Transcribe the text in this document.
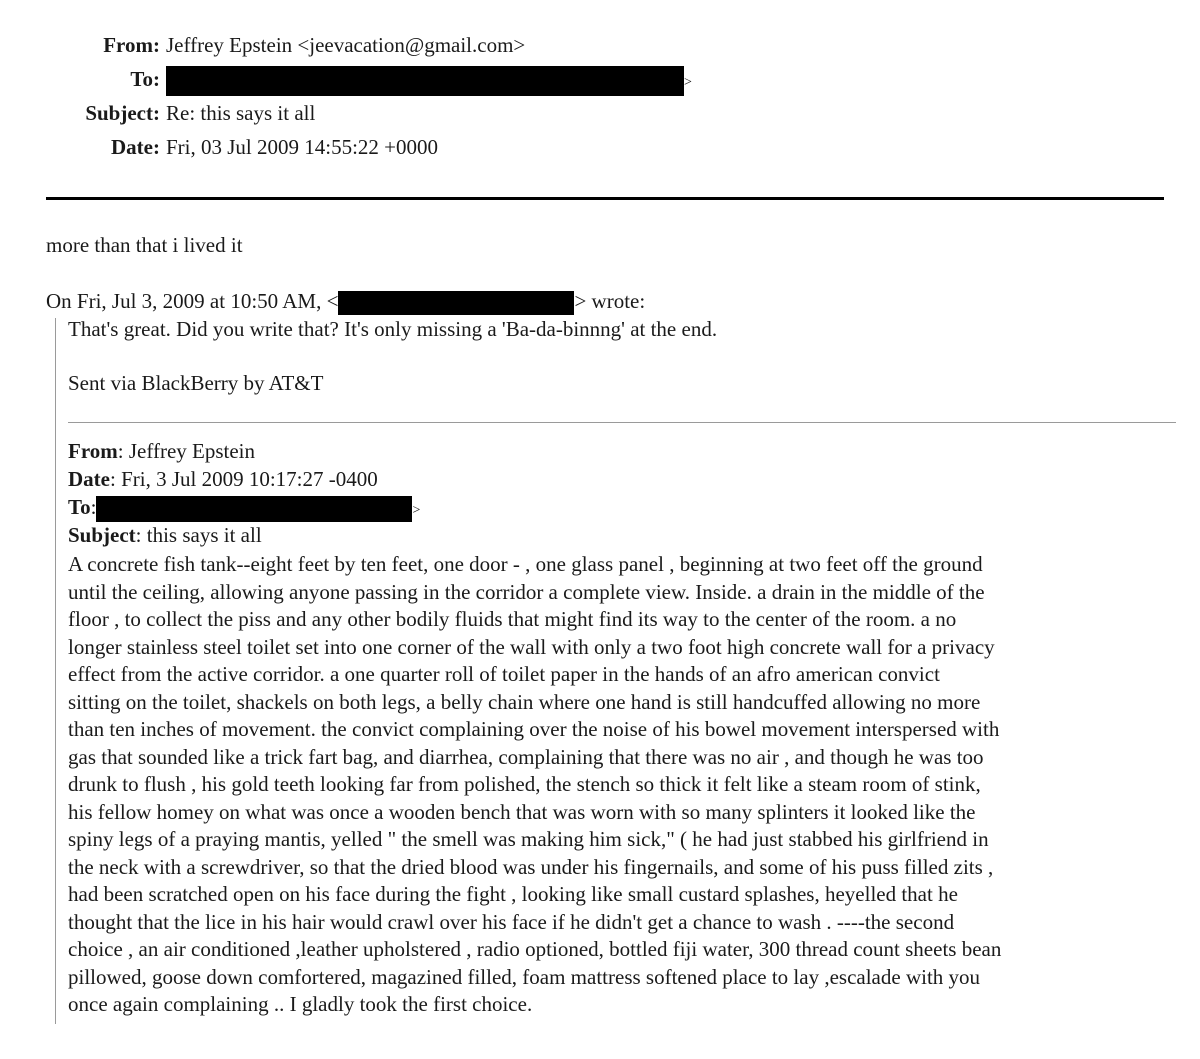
From: Jeffrey Epstein <jeevacation@gmail.com>
To:	>
Subject: Re: this says it all
Date: Fri, 03 Jul 2009 14:55:22 +0000
more than that i lived it
On Fri, Jul 3, 2009 at 10:50 AM, <	> wrote:
That's great. Did you write that? It's only missing a 'Ba-da-binnng' at the end.
Sent via BlackBerry by AT&T
From: Jeffrey Epstein
Date: Fri, 3 Jul 2009 10:17:27 -0400
To:	>
Subject: this says it all
A concrete fish tank--eight feet by ten feet, one door - , one glass panel , beginning at two feet off the ground
until the ceiling, allowing anyone passing in the corridor a complete view. Inside. a drain in the middle of the
floor , to collect the piss and any other bodily fluids that might find its way to the center of the room. a no
longer stainless steel toilet set into one corner of the wall with only a two foot high concrete wall for a privacy
effect from the active corridor. a one quarter roll of toilet paper in the hands of an afro american convict
sitting on the toilet, shackels on both legs, a belly chain where one hand is still handcuffed allowing no more
than ten inches of movement. the convict complaining over the noise of his bowel movement interspersed with
gas that sounded like a trick fart bag, and diarrhea, complaining that there was no air , and though he was too
drunk to flush , his gold teeth looking far from polished, the stench so thick it felt like a steam room of stink,
his fellow homey on what was once a wooden bench that was worn with so many splinters it looked like the
spiny legs of a praying mantis, yelled " the smell was making him sick," ( he had just stabbed his girlfriend in
the neck with a screwdriver, so that the dried blood was under his fingernails, and some of his puss filled zits ,
had been scratched open on his face during the fight , looking like small custard splashes, heyelled that he
thought that the lice in his hair would crawl over his face if he didn't get a chance to wash . ----the second
choice , an air conditioned ,leather upholstered , radio optioned, bottled fiji water, 300 thread count sheets bean
pillowed, goose down comfortered, magazined filled, foam mattress softened place to lay ,escalade with you
once again complaining .. I gladly took the first choice.
